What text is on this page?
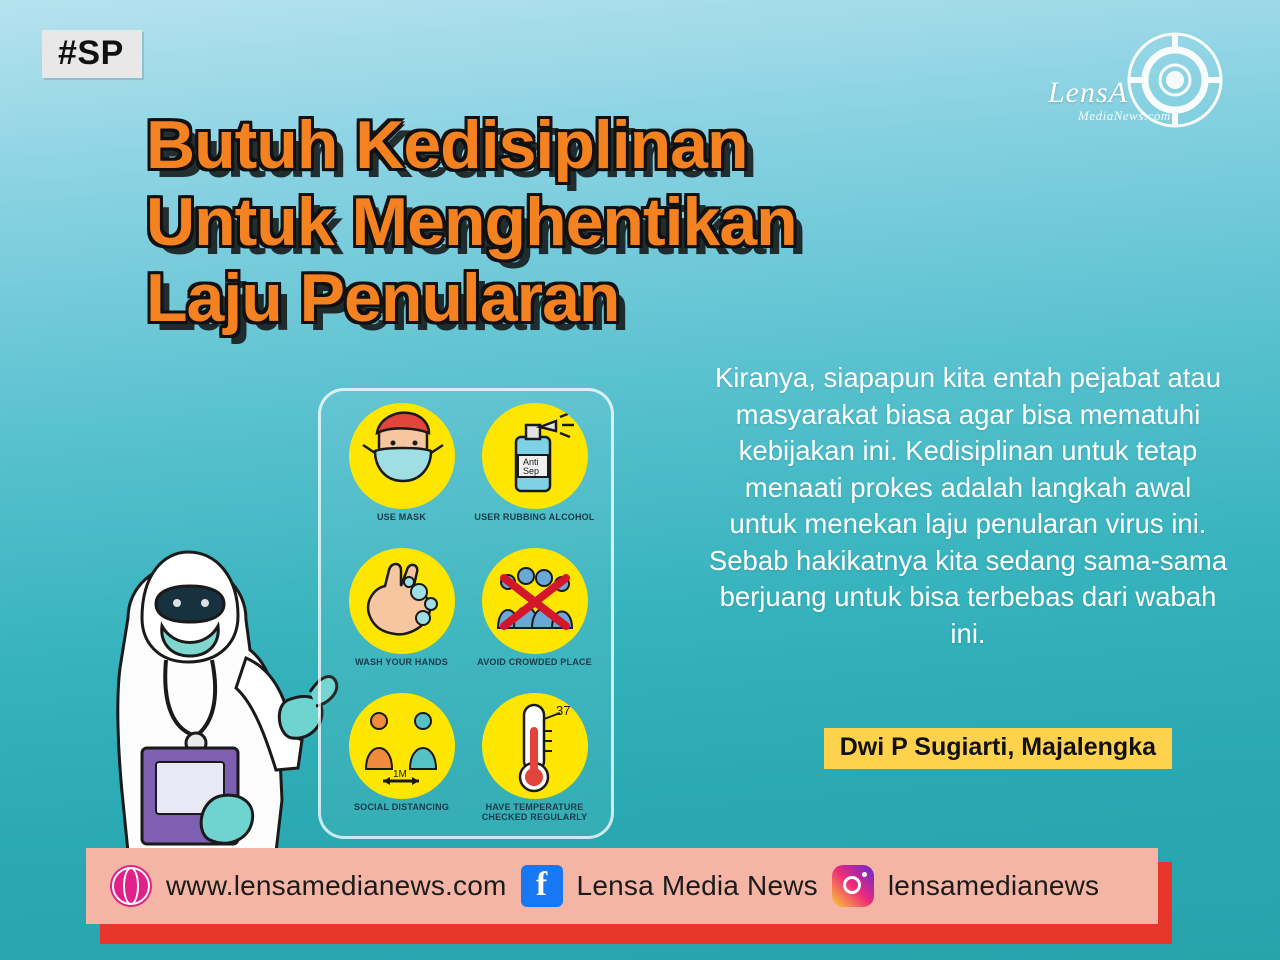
#SP
LensA
MediaNews.com
Butuh Kedisiplinan
Untuk Menghentikan
Laju Penularan
Kiranya, siapapun kita entah pejabat atau masyarakat biasa agar bisa mematuhi kebijakan ini. Kedisiplinan untuk tetap menaati prokes adalah langkah awal untuk menekan laju penularan virus ini. Sebab hakikatnya kita sedang sama-sama berjuang untuk bisa terbebas dari wabah ini.
Dwi P Sugiarti, Majalengka
USE MASK
Anti
Sep
USER RUBBING ALCOHOL
WASH YOUR HANDS	AVOID CROWDED PLACE
1M
SOCIAL DISTANCING
37
HAVE TEMPERATURE CHECKED REGULARLY
www.lensamedianews.com f	Lensa Media News	lensamedianews
